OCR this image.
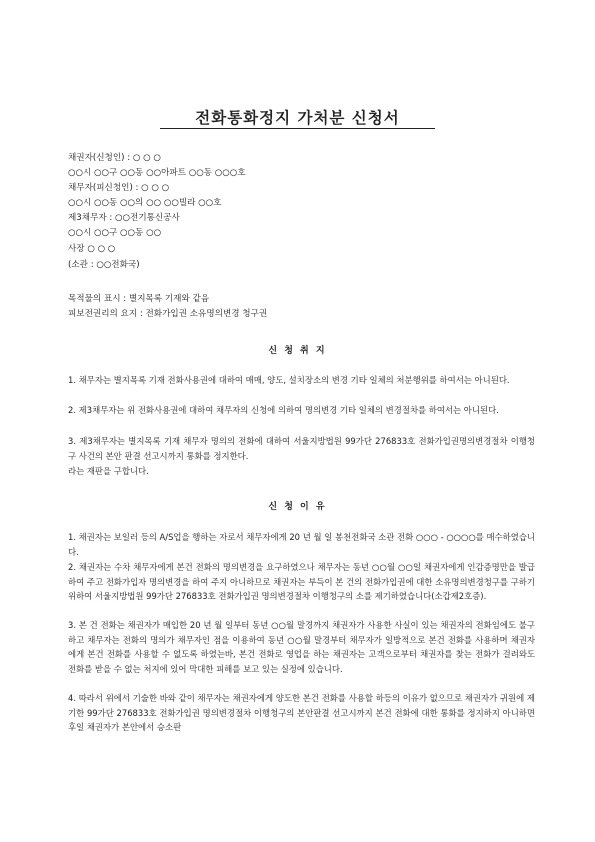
전화통화정지 가처분 신청서
채권자(신청인) : ○ ○ ○
○○시 ○○구 ○○동 ○○아파트 ○○동 ○○○호
채무자(피신청인) : ○ ○ ○
○○시 ○○동 ○○의 ○○ ○○빌라 ○○호
제3채무자 : ○○전기통신공사
○○시 ○○구 ○○동 ○○
사장 ○ ○ ○
(소관 : ○○전화국)
목적물의 표시 : 별지목록 기재와 같음
피보전권리의 요지 : 전화가입권 소유명의변경 청구권
신 청 취 지

1. 채무자는 별지목록 기재 전화사용권에 대하여 매매, 양도, 설치장소의 변경 기타 일체의 처분행위를 하여서는 아니된다.

2. 제3채무자는 위 전화사용권에 대하여 채무자의 신청에 의하여 명의변경 기타 일체의 변경절차를 하여서는 아니된다.

3. 제3채무자는 별지목록 기재 채무자 명의의 전화에 대하여 서울지방법원 99가단 276833호 전화가입권명의변경절차 이행청구 사건의 본안 판결 선고시까지 통화를 정지한다.

라는 재판을 구합니다.

신 청 이 유

1. 채권자는 보일러 등의 A/S업을 행하는 자로서 채무자에게 20 년 월 일 봉천전화국 소관 전화 ○○○ - ○○○○를 매수하였습니다.

2. 채권자는 수차 채무자에게 본건 전화의 명의변경을 요구하였으나 채무자는 동년 ○○월 ○○일 채권자에게 인감증명만을 발급하여 주고 전화가입자 명의변경을 하여 주지 아니하므로 채권자는 부득이 본 건의 전화가입권에 대한 소유명의변경청구를 구하기 위하여 서울지방법원 99가단 276833호 전화가입권 명의변경절차 이행청구의 소를 제기하였습니다(소갑제2호증).

3. 본 건 전화는 채권자가 매입한 20 년 월 일부터 동년 ○○월 말경까지 채권자가 사용한 사실이 있는 채권자의 전화임에도 불구하고 채무자는 전화의 명의가 채무자인 점을 이용하여 동년 ○○월 말경부터 채무자가 일방적으로 본건 전화를 사용하며 채권자에게 본건 전화를 사용할 수 없도록 하였는바, 본건 전화로 영업을 하는 채권자는 고객으로부터 채권자를 찾는 전화가 걸려와도 전화를 받을 수 없는 처지에 있어 막대한 피해를 보고 있는 실정에 있습니다.

4. 따라서 위에서 기술한 바와 같이 채무자는 채권자에게 양도한 본건 전화를 사용할 하등의 이유가 없으므로 채권자가 귀원에 제기한 99가단 276833호 전화가입권 명의변경절차 이행청구의 본안판결 선고시까지 본건 전화에 대한 통화를 정지하지 아니하면 후일 채권자가 본안에서 승소판
